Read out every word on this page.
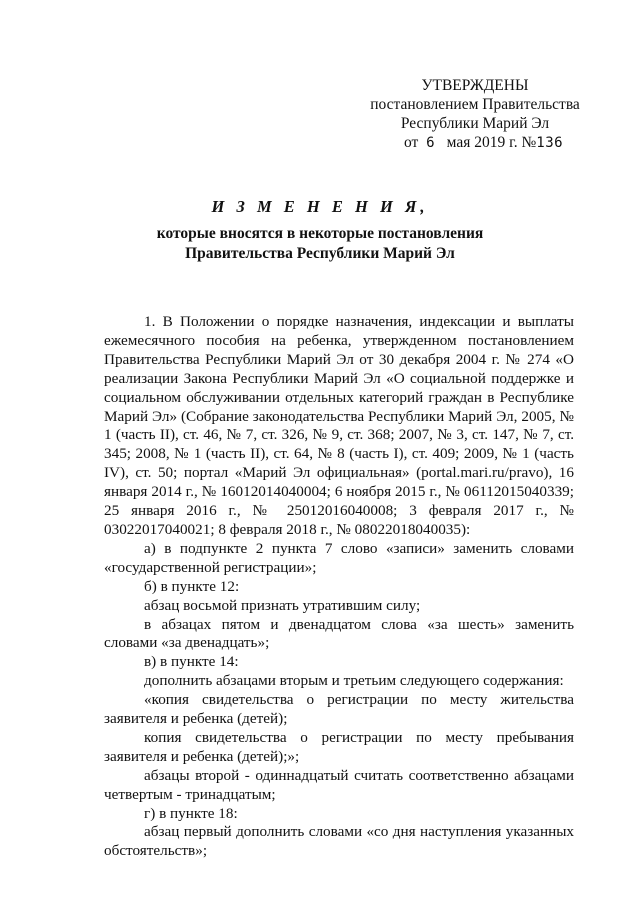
УТВЕРЖДЕНЫ
постановлением Правительства
Республики Марий Эл
от 6 мая 2019 г. №136
И З М Е Н Е Н И Я,
которые вносятся в некоторые постановления
Правительства Республики Марий Эл

1. В Положении о порядке назначения, индексации и выплаты ежемесячного пособия на ребенка, утвержденном постановлением Правительства Республики Марий Эл от 30 декабря 2004 г. № 274 «О реализации Закона Республики Марий Эл «О социальной поддержке и социальном обслуживании отдельных категорий граждан в Республике Марий Эл» (Собрание законодательства Республики Марий Эл, 2005, № 1 (часть II), ст. 46, № 7, ст. 326, № 9, ст. 368; 2007, № 3, ст. 147, № 7, ст. 345; 2008, № 1 (часть II), ст. 64, № 8 (часть I), ст. 409; 2009, № 1 (часть IV), ст. 50; портал «Марий Эл официальная» (portal.mari.ru/pravo), 16 января 2014 г., № 16012014040004; 6 ноября 2015 г., № 06112015040339; 25 января 2016 г., № 25012016040008; 3 февраля 2017 г., № 03022017040021; 8 февраля 2018 г., № 08022018040035):

а) в подпункте 2 пункта 7 слово «записи» заменить словами «государственной регистрации»;

б) в пункте 12:

абзац восьмой признать утратившим силу;

в абзацах пятом и двенадцатом слова «за шесть» заменить словами «за двенадцать»;

в) в пункте 14:

дополнить абзацами вторым и третьим следующего содержания:

«копия свидетельства о регистрации по месту жительства заявителя и ребенка (детей);

копия свидетельства о регистрации по месту пребывания заявителя и ребенка (детей);»;

абзацы второй - одиннадцатый считать соответственно абзацами четвертым - тринадцатым;

г) в пункте 18:

абзац первый дополнить словами «со дня наступления указанных обстоятельств»;
